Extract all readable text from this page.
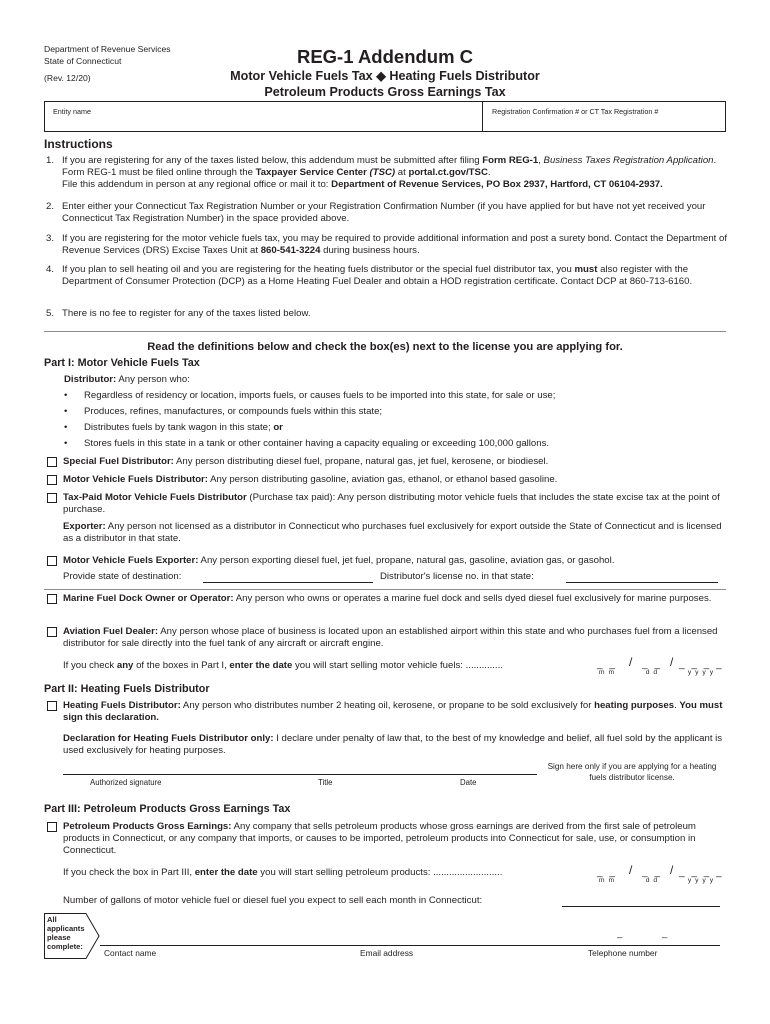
Department of Revenue Services
State of Connecticut
(Rev. 12/20)
REG-1 Addendum C
Motor Vehicle Fuels Tax ◆ Heating Fuels Distributor
Petroleum Products Gross Earnings Tax
Entity name	Registration Confirmation # or CT Tax Registration #
Instructions
1. If you are registering for any of the taxes listed below, this addendum must be submitted after filing Form REG-1, Business Taxes Registration Application. Form REG-1 must be filed online through the Taxpayer Service Center (TSC) at portal.ct.gov/TSC.
File this addendum in person at any regional office or mail it to: Department of Revenue Services, PO Box 2937, Hartford, CT 06104-2937.
2. Enter either your Connecticut Tax Registration Number or your Registration Confirmation Number (if you have applied for but have not yet received your Connecticut Tax Registration Number) in the space provided above.
3. If you are registering for the motor vehicle fuels tax, you may be required to provide additional information and post a surety bond. Contact the Department of Revenue Services (DRS) Excise Taxes Unit at 860-541-3224 during business hours.
4. If you plan to sell heating oil and you are registering for the heating fuels distributor or the special fuel distributor tax, you must also register with the Department of Consumer Protection (DCP) as a Home Heating Fuel Dealer and obtain a HOD registration certificate. Contact DCP at 860-713-6160.
5. There is no fee to register for any of the taxes listed below.
Read the definitions below and check the box(es) next to the license you are applying for.
Part I: Motor Vehicle Fuels Tax
Distributor: Any person who:
• Regardless of residency or location, imports fuels, or causes fuels to be imported into this state, for sale or use;
• Produces, refines, manufactures, or compounds fuels within this state;
• Distributes fuels by tank wagon in this state; or
• Stores fuels in this state in a tank or other container having a capacity equaling or exceeding 100,000 gallons.
Special Fuel Distributor: Any person distributing diesel fuel, propane, natural gas, jet fuel, kerosene, or biodiesel.
Motor Vehicle Fuels Distributor: Any person distributing gasoline, aviation gas, ethanol, or ethanol based gasoline.
Tax-Paid Motor Vehicle Fuels Distributor (Purchase tax paid): Any person distributing motor vehicle fuels that includes the state excise tax at the point of purchase.
Exporter: Any person not licensed as a distributor in Connecticut who purchases fuel exclusively for export outside the State of Connecticut and is licensed as a distributor in that state.
Motor Vehicle Fuels Exporter: Any person exporting diesel fuel, jet fuel, propane, natural gas, gasoline, aviation gas, or gasohol.
Provide state of destination:	Distributor's license no. in that state:
Marine Fuel Dock Owner or Operator: Any person who owns or operates a marine fuel dock and sells dyed diesel fuel exclusively for marine purposes.
Aviation Fuel Dealer: Any person whose place of business is located upon an established airport within this state and who purchases fuel from a licensed distributor for sale directly into the fuel tank of any aircraft or aircraft engine.
If you check any of the boxes in Part I, enter the date you will start selling motor vehicle fuels: ..............	_ _ / _ _ / _ _ _ _
m m	d d	y y y y
Part II: Heating Fuels Distributor
Heating Fuels Distributor: Any person who distributes number 2 heating oil, kerosene, or propane to be sold exclusively for heating purposes. You must sign this declaration.
Declaration for Heating Fuels Distributor only: I declare under penalty of law that, to the best of my knowledge and belief, all fuel sold by the applicant is used exclusively for heating purposes.
Authorized signature	Title	Date
Sign here only if you are applying for a heating fuels distributor license.
Part III: Petroleum Products Gross Earnings Tax
Petroleum Products Gross Earnings: Any company that sells petroleum products whose gross earnings are derived from the first sale of petroleum products in Connecticut, or any company that imports, or causes to be imported, petroleum products into Connecticut for sale, use, or consumption in Connecticut.
If you check the box in Part III, enter the date you will start selling petroleum products: ..........................	_ _ / _ _ / _ _ _ _
m m	d d	y y y y
Number of gallons of motor vehicle fuel or diesel fuel you expect to sell each month in Connecticut:
All
applicants
please
complete:
–	–
Contact name	Email address	Telephone number
